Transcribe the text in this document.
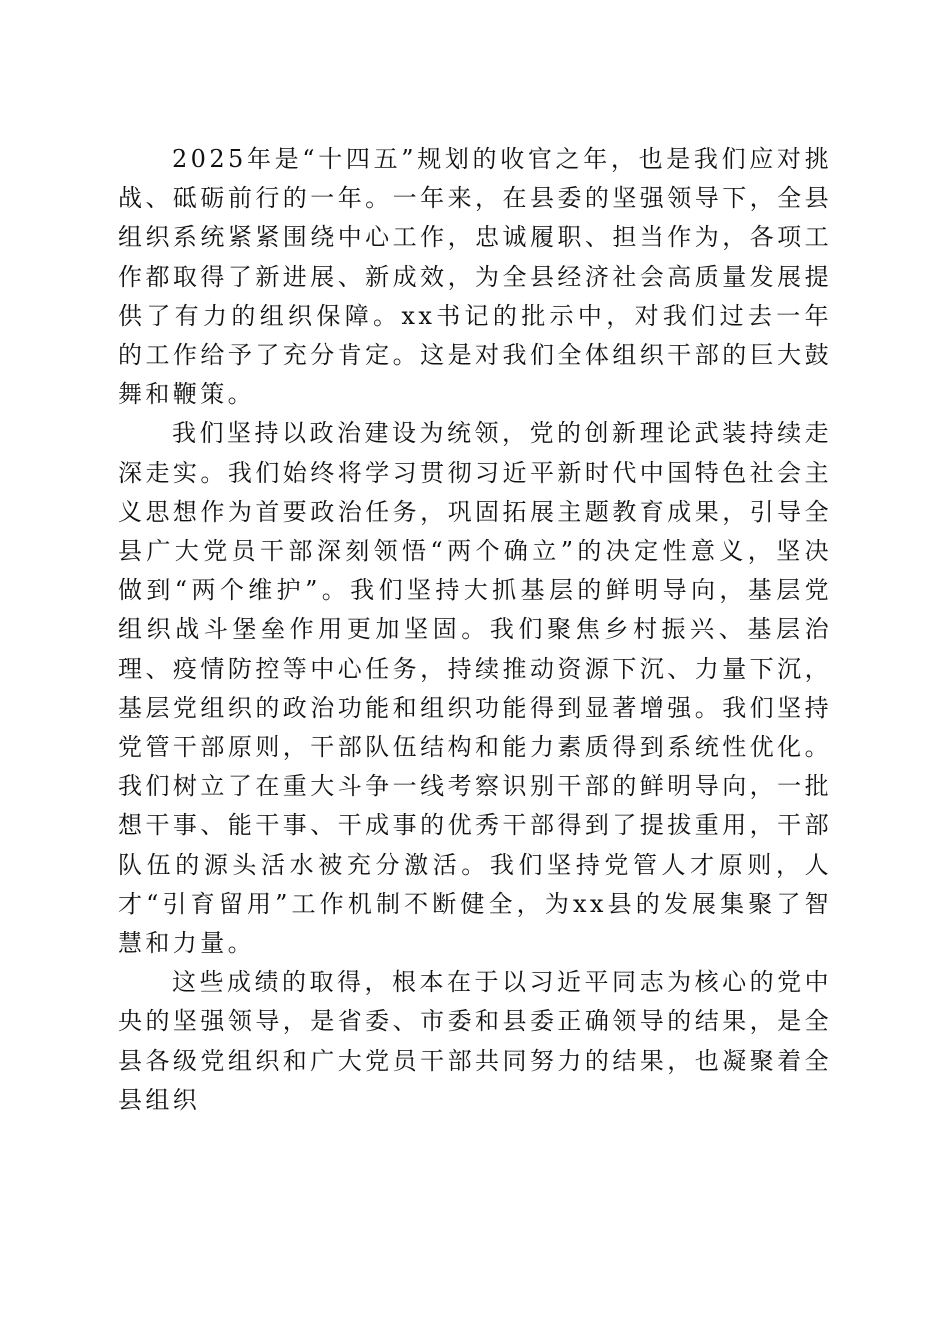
2025年是“十四五”规划的收官之年，也是我们应对挑战、砥砺前行的一年。一年来，在县委的坚强领导下，全县组织系统紧紧围绕中心工作，忠诚履职、担当作为，各项工作都取得了新进展、新成效，为全县经济社会高质量发展提供了有力的组织保障。xx书记的批示中，对我们过去一年的工作给予了充分肯定。这是对我们全体组织干部的巨大鼓舞和鞭策。

我们坚持以政治建设为统领，党的创新理论武装持续走深走实。我们始终将学习贯彻习近平新时代中国特色社会主义思想作为首要政治任务，巩固拓展主题教育成果，引导全县广大党员干部深刻领悟“两个确立”的决定性意义，坚决做到“两个维护”。我们坚持大抓基层的鲜明导向，基层党组织战斗堡垒作用更加坚固。我们聚焦乡村振兴、基层治理、疫情防控等中心任务，持续推动资源下沉、力量下沉，基层党组织的政治功能和组织功能得到显著增强。我们坚持党管干部原则，干部队伍结构和能力素质得到系统性优化。我们树立了在重大斗争一线考察识别干部的鲜明导向，一批想干事、能干事、干成事的优秀干部得到了提拔重用，干部队伍的源头活水被充分激活。我们坚持党管人才原则，人才“引育留用”工作机制不断健全，为xx县的发展集聚了智慧和力量。

这些成绩的取得，根本在于以习近平同志为核心的党中央的坚强领导，是省委、市委和县委正确领导的结果，是全县各级党组织和广大党员干部共同努力的结果，也凝聚着全县组织
